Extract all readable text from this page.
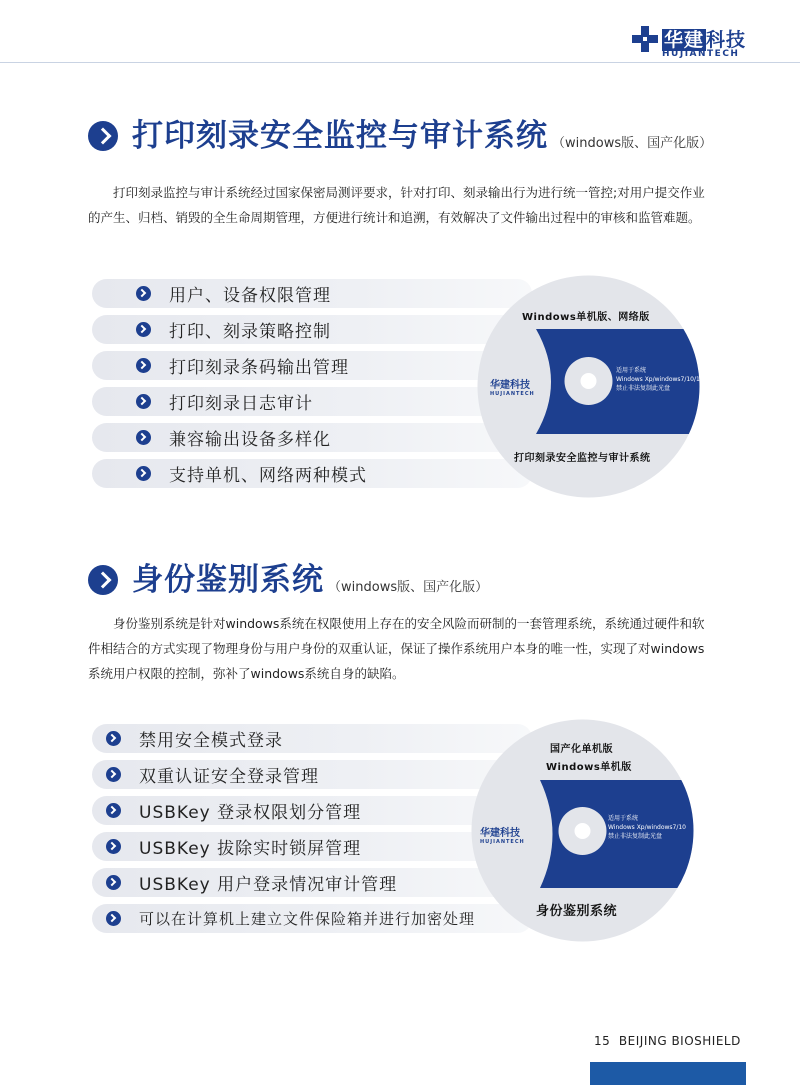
华建 科技
HUJIANTECH
打印刻录安全监控与审计系统 （windows版、国产化版）
打印刻录监控与审计系统经过国家保密局测评要求，针对打印、刻录输出行为进行统一管控;对用户提交作业的产生、归档、销毁的全生命周期管理，方便进行统计和追溯，有效解决了文件输出过程中的审核和监管难题。
用户、设备权限管理
打印、刻录策略控制
打印刻录条码输出管理
打印刻录日志审计
兼容输出设备多样化
支持单机、网络两种模式
Windows单机版、网络版
华建科技
HUJIANTECH
适用于系统
Windows Xp/windows7/10/11
禁止非法复制此光盘
打印刻录安全监控与审计系统
身份鉴别系统 （windows版、国产化版）
身份鉴别系统是针对windows系统在权限使用上存在的安全风险而研制的一套管理系统，系统通过硬件和软件相结合的方式实现了物理身份与用户身份的双重认证，保证了操作系统用户本身的唯一性，实现了对windows 系统用户权限的控制，弥补了windows系统自身的缺陷。
禁用安全模式登录
双重认证安全登录管理
USBKey 登录权限划分管理
USBKey 拔除实时锁屏管理
USBKey 用户登录情况审计管理
可以在计算机上建立文件保险箱并进行加密处理
国产化单机版
Windows单机版
华建科技
HUJIANTECH
适用于系统
Windows Xp/windows7/10
禁止非法复制此光盘
身份鉴别系统
15 BEIJING BIOSHIELD
